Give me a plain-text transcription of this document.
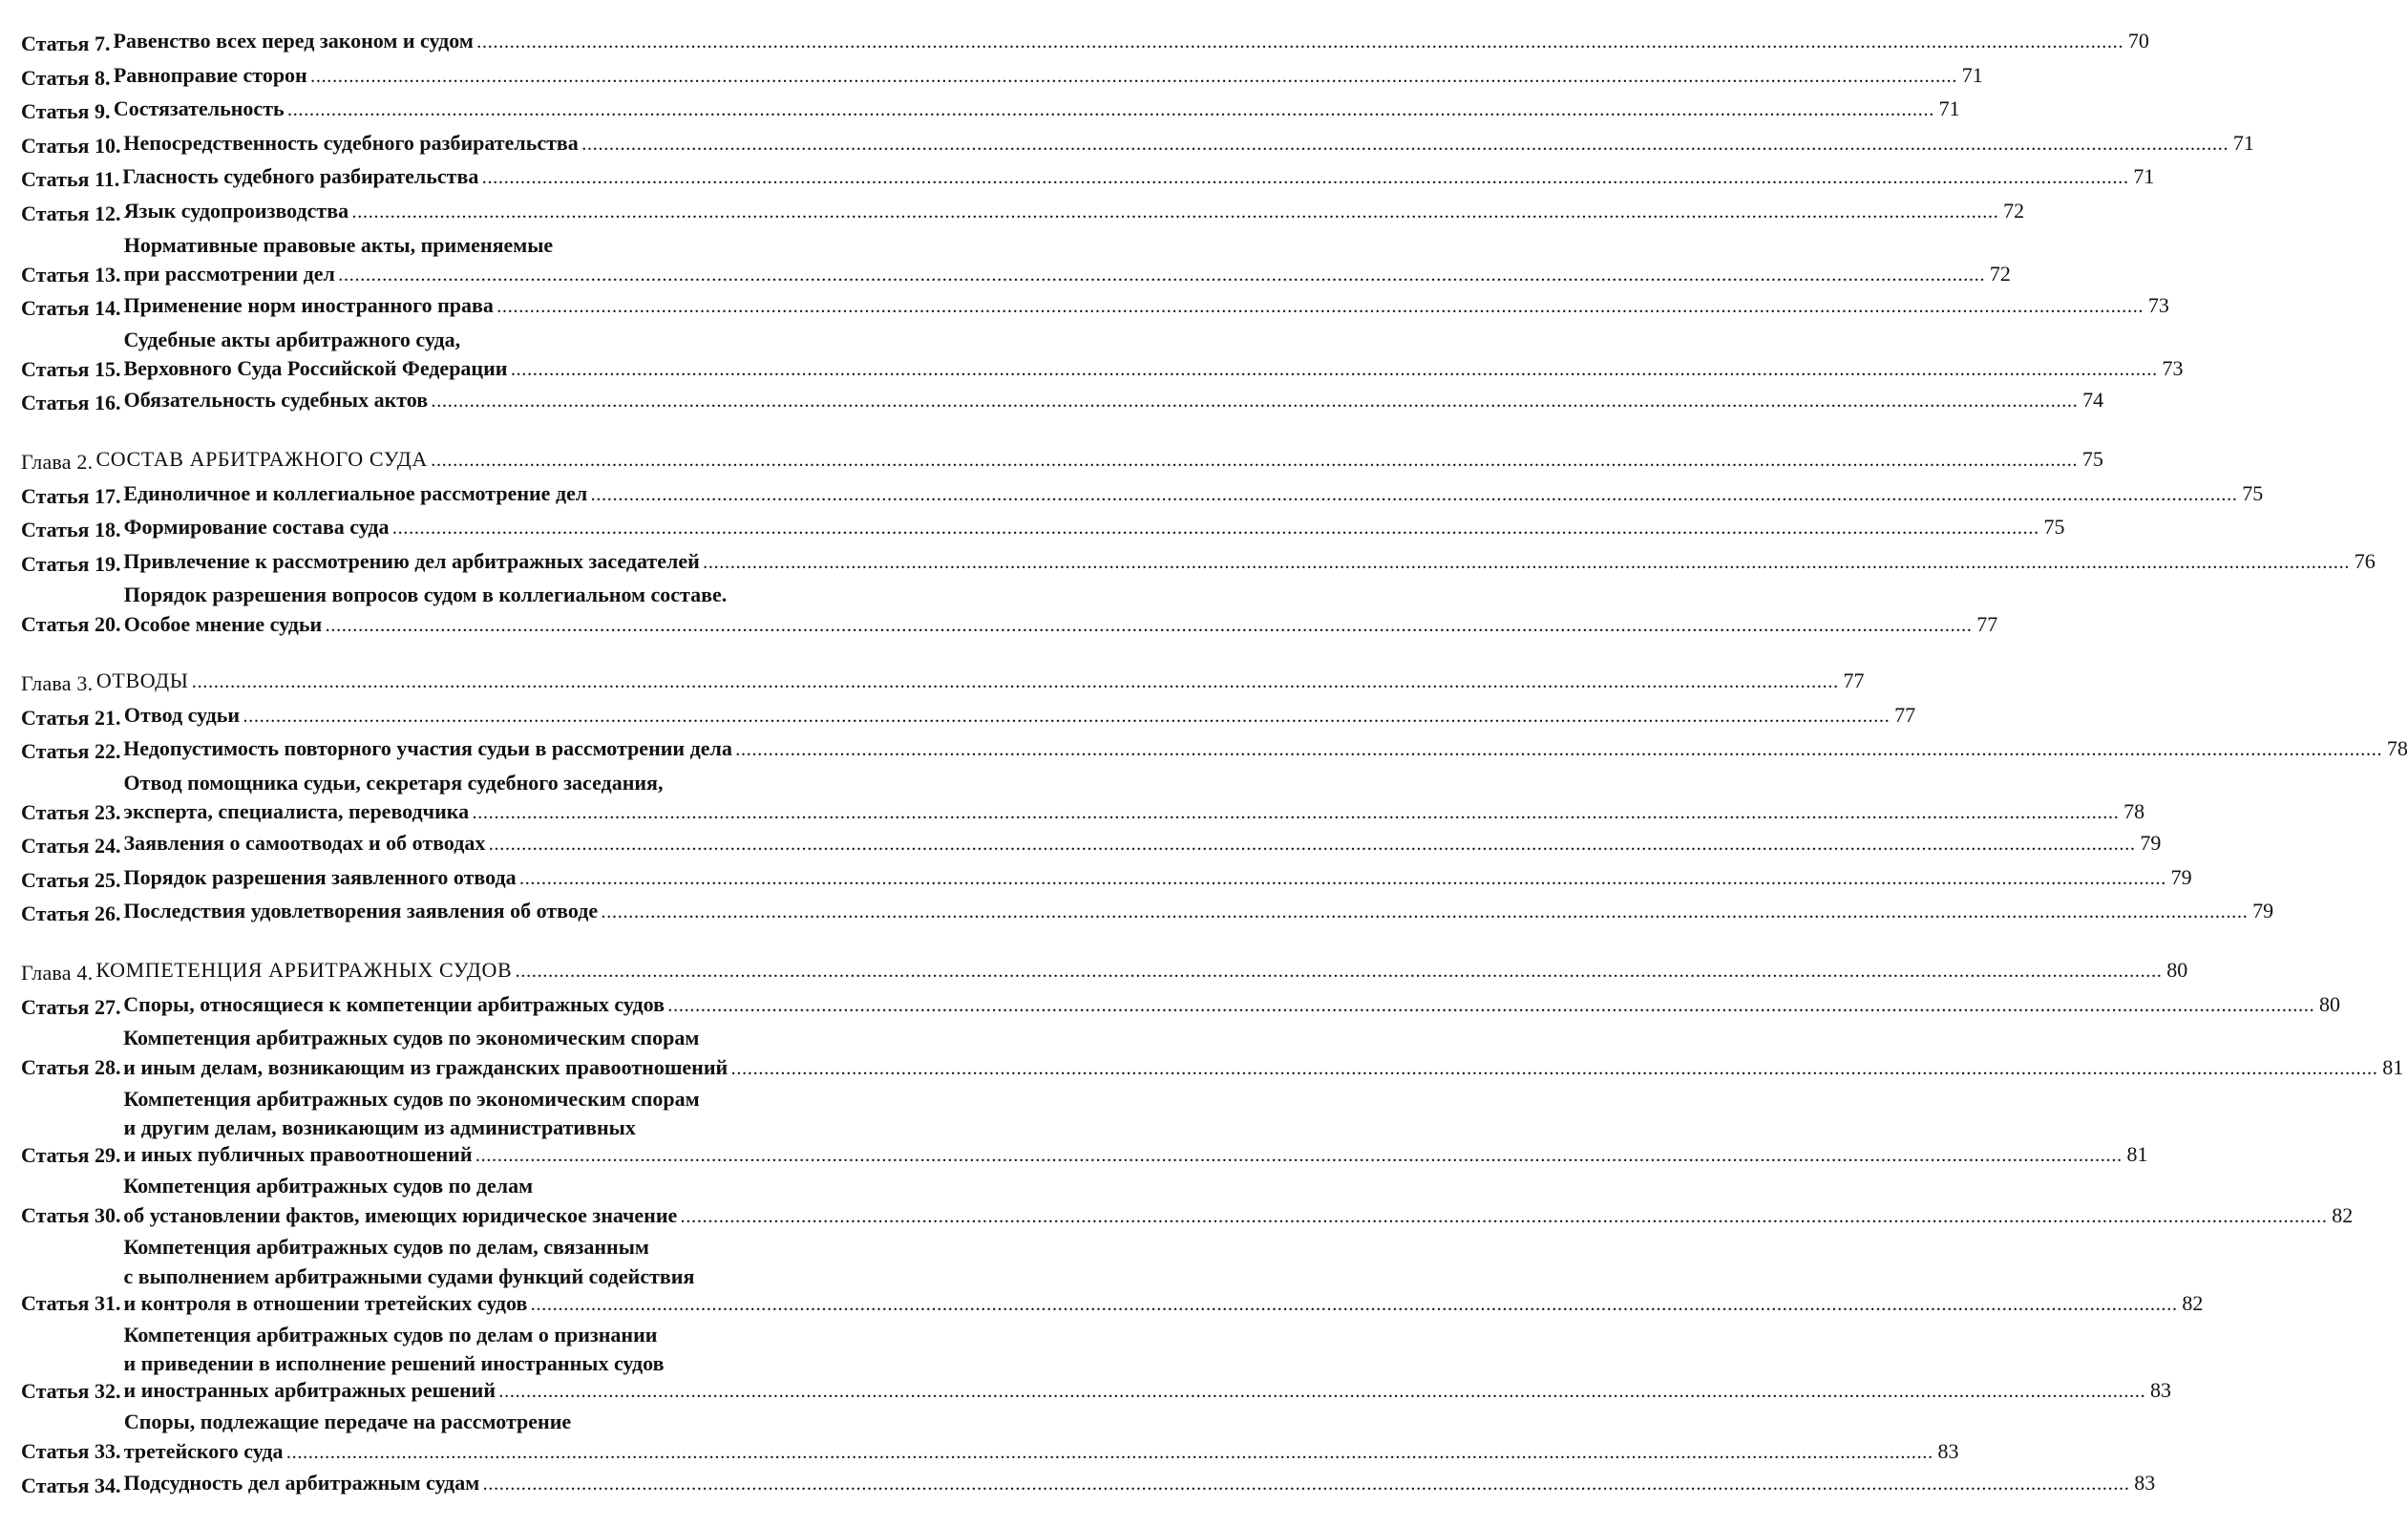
Статья 7. Равенство всех перед законом и судом ............................................................................................................................................................................................................................................................................................................ 70
Статья 8. Равноправие сторон ............................................................................................................................................................................................................................................................................................................ 71
Статья 9. Состязательность ............................................................................................................................................................................................................................................................................................................ 71
Статья 10. Непосредственность судебного разбирательства ............................................................................................................................................................................................................................................................................................................ 71
Статья 11. Гласность судебного разбирательства ............................................................................................................................................................................................................................................................................................................ 71
Статья 12. Язык судопроизводства ............................................................................................................................................................................................................................................................................................................ 72
Статья 13.
Нормативные правовые акты, применяемые
при рассмотрении дел ............................................................................................................................................................................................................................................................................................................ 72
Статья 14. Применение норм иностранного права ............................................................................................................................................................................................................................................................................................................ 73
Статья 15.
Судебные акты арбитражного суда,
Верховного Суда Российской Федерации ............................................................................................................................................................................................................................................................................................................ 73
Статья 16. Обязательность судебных актов ............................................................................................................................................................................................................................................................................................................ 74
Глава 2. СОСТАВ АРБИТРАЖНОГО СУДА ............................................................................................................................................................................................................................................................................................................ 75
Статья 17. Единоличное и коллегиальное рассмотрение дел ............................................................................................................................................................................................................................................................................................................ 75
Статья 18. Формирование состава суда ............................................................................................................................................................................................................................................................................................................ 75
Статья 19. Привлечение к рассмотрению дел арбитражных заседателей ............................................................................................................................................................................................................................................................................................................ 76
Статья 20.
Порядок разрешения вопросов судом в коллегиальном составе.
Особое мнение судьи ............................................................................................................................................................................................................................................................................................................ 77
Глава 3. ОТВОДЫ ............................................................................................................................................................................................................................................................................................................ 77
Статья 21. Отвод судьи ............................................................................................................................................................................................................................................................................................................ 77
Статья 22. Недопустимость повторного участия судьи в рассмотрении дела ............................................................................................................................................................................................................................................................................................................ 78
Статья 23.
Отвод помощника судьи, секретаря судебного заседания,
эксперта, специалиста, переводчика ............................................................................................................................................................................................................................................................................................................ 78
Статья 24. Заявления о самоотводах и об отводах ............................................................................................................................................................................................................................................................................................................ 79
Статья 25. Порядок разрешения заявленного отвода ............................................................................................................................................................................................................................................................................................................ 79
Статья 26. Последствия удовлетворения заявления об отводе ............................................................................................................................................................................................................................................................................................................ 79
Глава 4. КОМПЕТЕНЦИЯ АРБИТРАЖНЫХ СУДОВ ............................................................................................................................................................................................................................................................................................................ 80
Статья 27. Споры, относящиеся к компетенции арбитражных судов ............................................................................................................................................................................................................................................................................................................ 80
Статья 28.
Компетенция арбитражных судов по экономическим спорам
и иным делам, возникающим из гражданских правоотношений ............................................................................................................................................................................................................................................................................................................ 81
Статья 29.
Компетенция арбитражных судов по экономическим спорам
и другим делам, возникающим из административных
и иных публичных правоотношений ............................................................................................................................................................................................................................................................................................................ 81
Статья 30.
Компетенция арбитражных судов по делам
об установлении фактов, имеющих юридическое значение ............................................................................................................................................................................................................................................................................................................ 82
Статья 31.
Компетенция арбитражных судов по делам, связанным
с выполнением арбитражными судами функций содействия
и контроля в отношении третейских судов ............................................................................................................................................................................................................................................................................................................ 82
Статья 32.
Компетенция арбитражных судов по делам о признании
и приведении в исполнение решений иностранных судов
и иностранных арбитражных решений ............................................................................................................................................................................................................................................................................................................ 83
Статья 33.
Споры, подлежащие передаче на рассмотрение
третейского суда ............................................................................................................................................................................................................................................................................................................ 83
Статья 34. Подсудность дел арбитражным судам ............................................................................................................................................................................................................................................................................................................ 83
